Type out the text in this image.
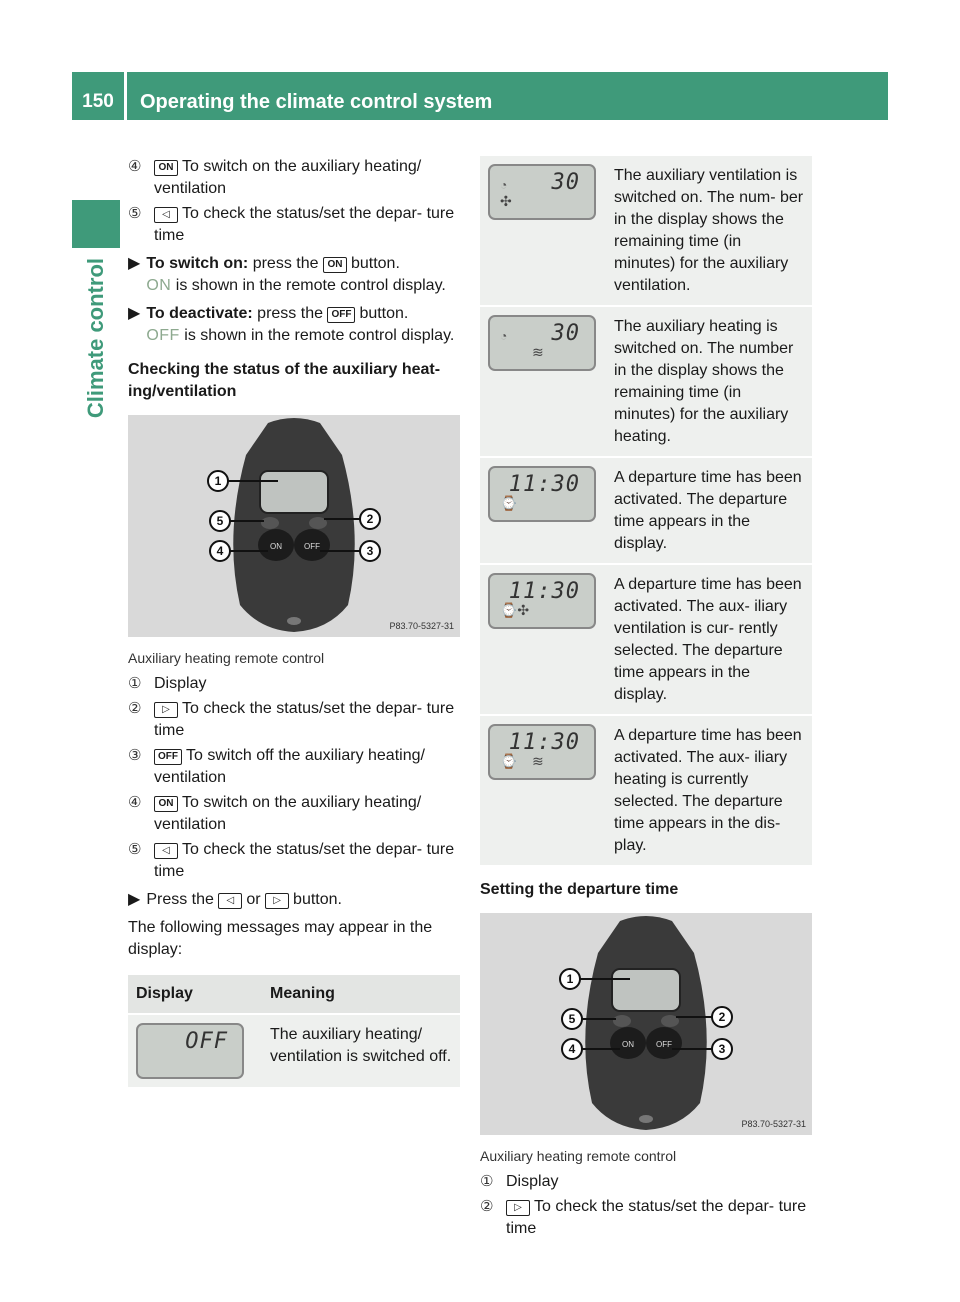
150	Operating the climate control system
Climate control
④	ON To switch on the auxiliary heating/ ventilation
⑤	◁ To check the status/set the depar- ture time
▶ To switch on: press the ON button.
ON is shown in the remote control display.
▶ To deactivate: press the OFF button.
OFF is shown in the remote control display.

Checking the status of the auxiliary heat- ing/ventilation

ON	OFF
1
2
3
4
5
P83.70-5327-31

Auxiliary heating remote control

① Display
②	▷ To check the status/set the depar- ture time
③	OFF To switch off the auxiliary heating/ ventilation
④	ON To switch on the auxiliary heating/ ventilation
⑤	◁ To check the status/set the depar- ture time
▶ Press the ◁ or ▷ button.

The following messages may appear in the display:

Display	Meaning

OFF	The auxiliary heating/ ventilation is switched off.
◔ 30
✣	The auxiliary ventilation is switched on. The num- ber in the display shows the remaining time (in minutes) for the auxiliary ventilation.

◔ 30
≋	The auxiliary heating is switched on. The number in the display shows the remaining time (in minutes) for the auxiliary heating.

11:30
⌚	A departure time has been activated. The departure time appears in the display.

11:30
⌚✣	A departure time has been activated. The aux- iliary ventilation is cur- rently selected. The departure time appears in the display.

11:30
⌚ ≋	A departure time has been activated. The aux- iliary heating is currently selected. The departure time appears in the dis- play.

Setting the departure time

ON	OFF
1
2
3
4
5
P83.70-5327-31

Auxiliary heating remote control

① Display
②	▷ To check the status/set the depar- ture time
